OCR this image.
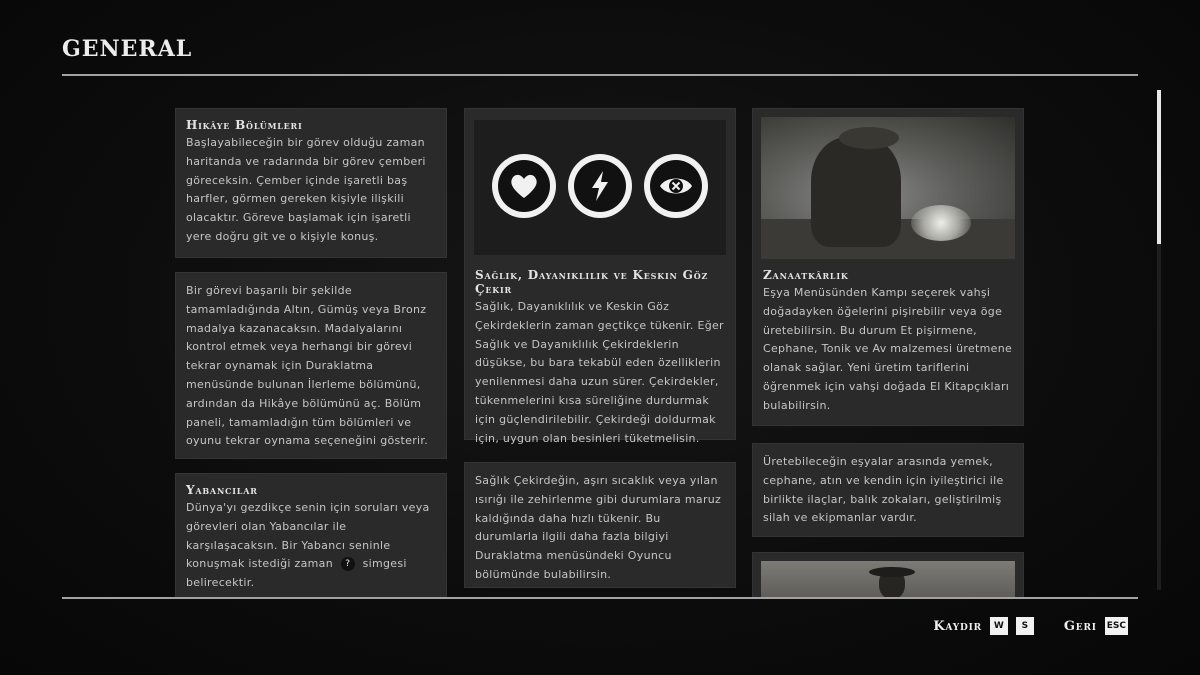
GENERAL
Hikâye Bölümleri

Başlayabileceğin bir görev olduğu zaman haritanda ve radarında bir görev çemberi göreceksin. Çember içinde işaretli baş harfler, görmen gereken kişiyle ilişkili olacaktır. Göreve başlamak için işaretli yere doğru git ve o kişiyle konuş.

Bir görevi başarılı bir şekilde tamamladığında Altın, Gümüş veya Bronz madalya kazanacaksın. Madalyalarını kontrol etmek veya herhangi bir görevi tekrar oynamak için Duraklatma menüsünde bulunan İlerleme bölümünü, ardından da Hikâye bölümünü aç. Bölüm paneli, tamamladığın tüm bölümleri ve oyunu tekrar oynama seçeneğini gösterir.

Yabancılar

Dünya'yı gezdikçe senin için soruları veya görevleri olan Yabancılar ile karşılaşacaksın. Bir Yabancı seninle konuşmak istediği zaman ? simgesi belirecektir.

Sağlık, Dayanıklılık ve Keskin Göz Çekir

Sağlık, Dayanıklılık ve Keskin Göz Çekirdeklerin zaman geçtikçe tükenir. Eğer Sağlık ve Dayanıklılık Çekirdeklerin düşükse, bu bara tekabül eden özelliklerin yenilenmesi daha uzun sürer. Çekirdekler, tükenmelerini kısa süreliğine durdurmak için güçlendirilebilir. Çekirdeği doldurmak için, uygun olan besinleri tüketmelisin.

Sağlık Çekirdeğin, aşırı sıcaklık veya yılan ısırığı ile zehirlenme gibi durumlara maruz kaldığında daha hızlı tükenir. Bu durumlarla ilgili daha fazla bilgiyi Duraklatma menüsündeki Oyuncu bölümünde bulabilirsin.

Zanaatkârlık

Eşya Menüsünden Kampı seçerek vahşi doğadayken öğelerini pişirebilir veya öge üretebilirsin. Bu durum Et pişirmene, Cephane, Tonik ve Av malzemesi üretmene olanak sağlar. Yeni üretim tariflerini öğrenmek için vahşi doğada El Kitapçıkları bulabilirsin.

Üretebileceğin eşyalar arasında yemek, cephane, atın ve kendin için iyileştirici ile birlikte ilaçlar, balık zokaları, geliştirilmiş silah ve ekipmanlar vardır.

Kaydır	W	S	Geri ESC
